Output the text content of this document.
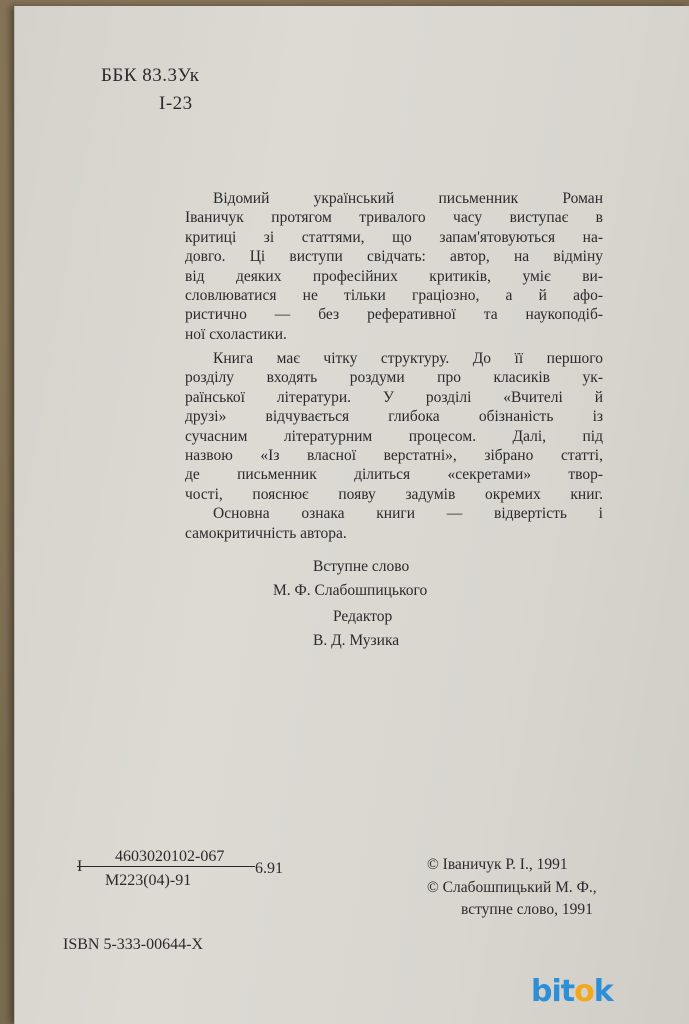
ББК 83.3Ук
І-23
Відомий український письменник Роман
Іваничук протягом тривалого часу виступає в
критиці зі статтями, що запам'ятовуються на-
довго. Ці виступи свідчать: автор, на відміну
від деяких професійних критиків, уміє ви-
словлюватися не тільки граціозно, а й афо-
ристично — без реферативної та наукоподіб-
ної схоластики.
Книга має чітку структуру. До її першого
розділу входять роздуми про класиків ук-
раїнської літератури. У розділі «Вчителі й
друзі» відчувається глибока обізнаність із
сучасним літературним процесом. Далі, під
назвою «Із власної верстатні», зібрано статті,
де письменник ділиться «секретами» твор-
чості, пояснює появу задумів окремих книг.
Основна ознака книги — відвертість і
самокритичність автора.
Вступне слово
М. Ф. Слабошпицького
Редактор
В. Д. Музика
І
4603020102-067
М223(04)-91
6.91	© Іваничук Р. І., 1991
© Слабошпицький М. Ф.,
вступне слово, 1991
ISBN 5-333-00644-X
bitok
